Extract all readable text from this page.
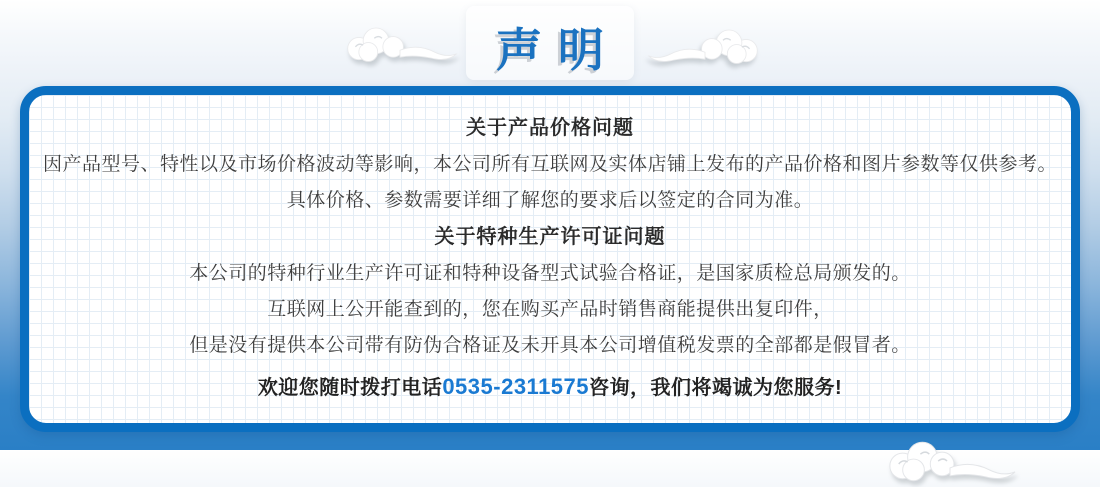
声明
关于产品价格问题
因产品型号、特性以及市场价格波动等影响，本公司所有互联网及实体店铺上发布的产品价格和图片参数等仅供参考。
具体价格、参数需要详细了解您的要求后以签定的合同为准。
关于特种生产许可证问题
本公司的特种行业生产许可证和特种设备型式试验合格证，是国家质检总局颁发的。
互联网上公开能查到的，您在购买产品时销售商能提供出复印件，
但是没有提供本公司带有防伪合格证及未开具本公司增值税发票的全部都是假冒者。
欢迎您随时拨打电话0535-2311575咨询，我们将竭诚为您服务!
